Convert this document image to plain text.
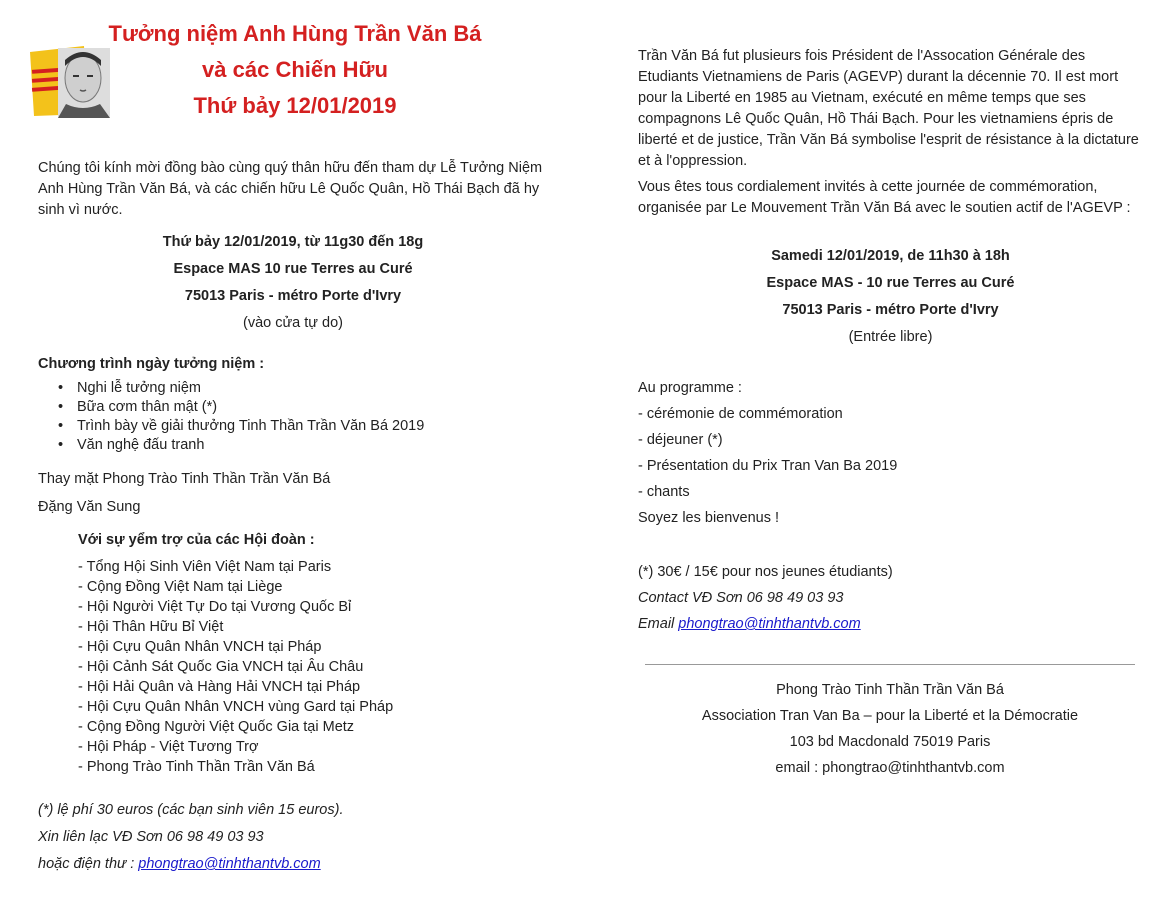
Tưởng niệm Anh Hùng Trần Văn Bá
và các Chiến Hữu
Thứ bảy 12/01/2019

Chúng tôi kính mời đồng bào cùng quý thân hữu đến tham dự Lễ Tưởng Niệm Anh Hùng Trần Văn Bá, và các chiến hữu Lê Quốc Quân, Hồ Thái Bạch đã hy sinh vì nước.

Thứ bảy 12/01/2019, từ 11g30 đến 18g
Espace MAS 10 rue Terres au Curé
75013 Paris - métro Porte d'Ivry
(vào cửa tự do)
Chương trình ngày tưởng niệm :
• Nghi lễ tưởng niệm
• Bữa cơm thân mật (*)
• Trình bày về giải thưởng Tinh Thần Trần Văn Bá 2019
• Văn nghệ đấu tranh
Thay mặt Phong Trào Tinh Thần Trần Văn Bá
Đặng Văn Sung
Với sự yểm trợ của các Hội đoàn :
- Tổng Hội Sinh Viên Việt Nam tại Paris
- Cộng Đồng Việt Nam tại Liège
- Hội Người Việt Tự Do tại Vương Quốc Bỉ
- Hội Thân Hữu Bỉ Việt
- Hội Cựu Quân Nhân VNCH tại Pháp
- Hội Cảnh Sát Quốc Gia VNCH tại Âu Châu
- Hội Hải Quân và Hàng Hải VNCH tại Pháp
- Hội Cựu Quân Nhân VNCH vùng Gard tại Pháp
- Cộng Đồng Người Việt Quốc Gia tại Metz
- Hội Pháp - Việt Tương Trợ
- Phong Trào Tinh Thần Trần Văn Bá
(*) lệ phí 30 euros (các bạn sinh viên 15 euros).
Xin liên lạc VĐ Sơn 06 98 49 03 93
hoặc điện thư : phongtrao@tinhthantvb.com

Trần Văn Bá fut plusieurs fois Président de l'Assocation Générale des Etudiants Vietnamiens de Paris (AGEVP) durant la décennie 70. Il est mort pour la Liberté en 1985 au Vietnam, exécuté en même temps que ses compagnons Lê Quốc Quân, Hồ Thái Bạch. Pour les vietnamiens épris de liberté et de justice, Trần Văn Bá symbolise l'esprit de résistance à la dictature et à l'oppression.

Vous êtes tous cordialement invités à cette journée de commémoration, organisée par Le Mouvement Trần Văn Bá avec le soutien actif de l'AGEVP :

Samedi 12/01/2019, de 11h30 à 18h
Espace MAS - 10 rue Terres au Curé
75013 Paris - métro Porte d'Ivry
(Entrée libre)
Au programme :
- cérémonie de commémoration
- déjeuner (*)
- Présentation du Prix Tran Van Ba 2019
- chants
Soyez les bienvenus !
(*) 30€ / 15€ pour nos jeunes étudiants)
Contact VĐ Sơn 06 98 49 03 93
Email phongtrao@tinhthantvb.com
Phong Trào Tinh Thần Trần Văn Bá
Association Tran Van Ba – pour la Liberté et la Démocratie
103 bd Macdonald 75019 Paris
email : phongtrao@tinhthantvb.com
